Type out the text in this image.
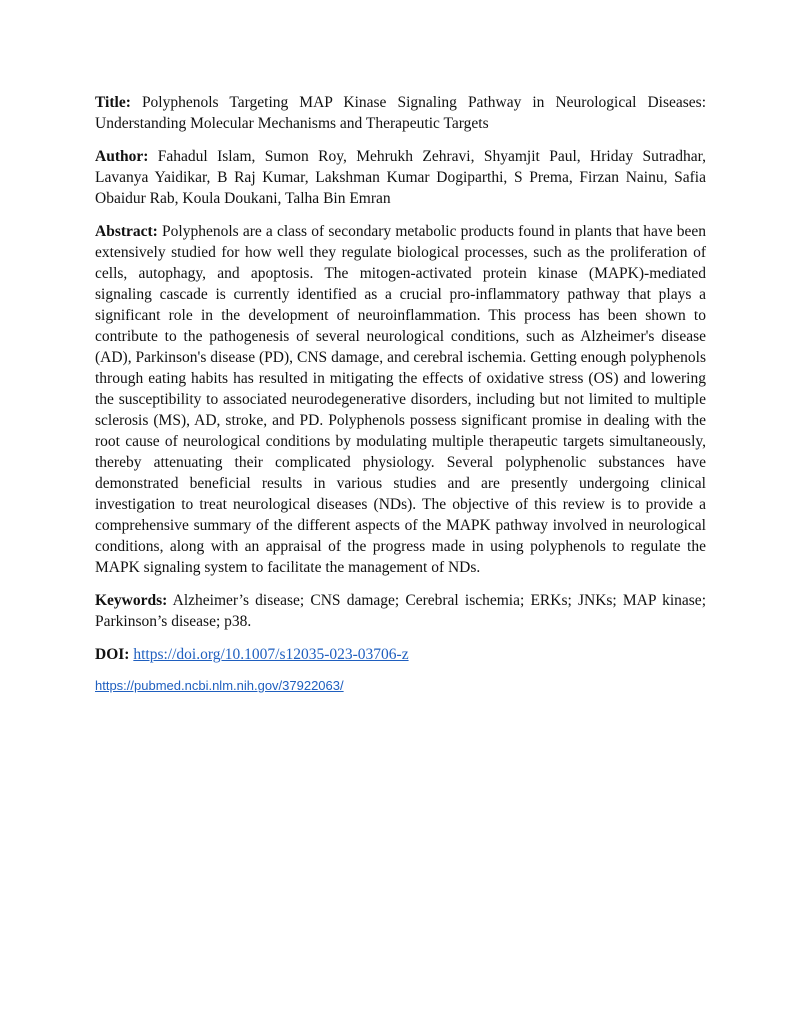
Title: Polyphenols Targeting MAP Kinase Signaling Pathway in Neurological Diseases: Understanding Molecular Mechanisms and Therapeutic Targets

Author: Fahadul Islam, Sumon Roy, Mehrukh Zehravi, Shyamjit Paul, Hriday Sutradhar, Lavanya Yaidikar, B Raj Kumar, Lakshman Kumar Dogiparthi, S Prema, Firzan Nainu, Safia Obaidur Rab, Koula Doukani, Talha Bin Emran

Abstract: Polyphenols are a class of secondary metabolic products found in plants that have been extensively studied for how well they regulate biological processes, such as the proliferation of cells, autophagy, and apoptosis. The mitogen-activated protein kinase (MAPK)-mediated signaling cascade is currently identified as a crucial pro-inflammatory pathway that plays a significant role in the development of neuroinflammation. This process has been shown to contribute to the pathogenesis of several neurological conditions, such as Alzheimer's disease (AD), Parkinson's disease (PD), CNS damage, and cerebral ischemia. Getting enough polyphenols through eating habits has resulted in mitigating the effects of oxidative stress (OS) and lowering the susceptibility to associated neurodegenerative disorders, including but not limited to multiple sclerosis (MS), AD, stroke, and PD. Polyphenols possess significant promise in dealing with the root cause of neurological conditions by modulating multiple therapeutic targets simultaneously, thereby attenuating their complicated physiology. Several polyphenolic substances have demonstrated beneficial results in various studies and are presently undergoing clinical investigation to treat neurological diseases (NDs). The objective of this review is to provide a comprehensive summary of the different aspects of the MAPK pathway involved in neurological conditions, along with an appraisal of the progress made in using polyphenols to regulate the MAPK signaling system to facilitate the management of NDs.

Keywords: Alzheimer’s disease; CNS damage; Cerebral ischemia; ERKs; JNKs; MAP kinase; Parkinson’s disease; p38.

DOI: https://doi.org/10.1007/s12035-023-03706-z

https://pubmed.ncbi.nlm.nih.gov/37922063/
